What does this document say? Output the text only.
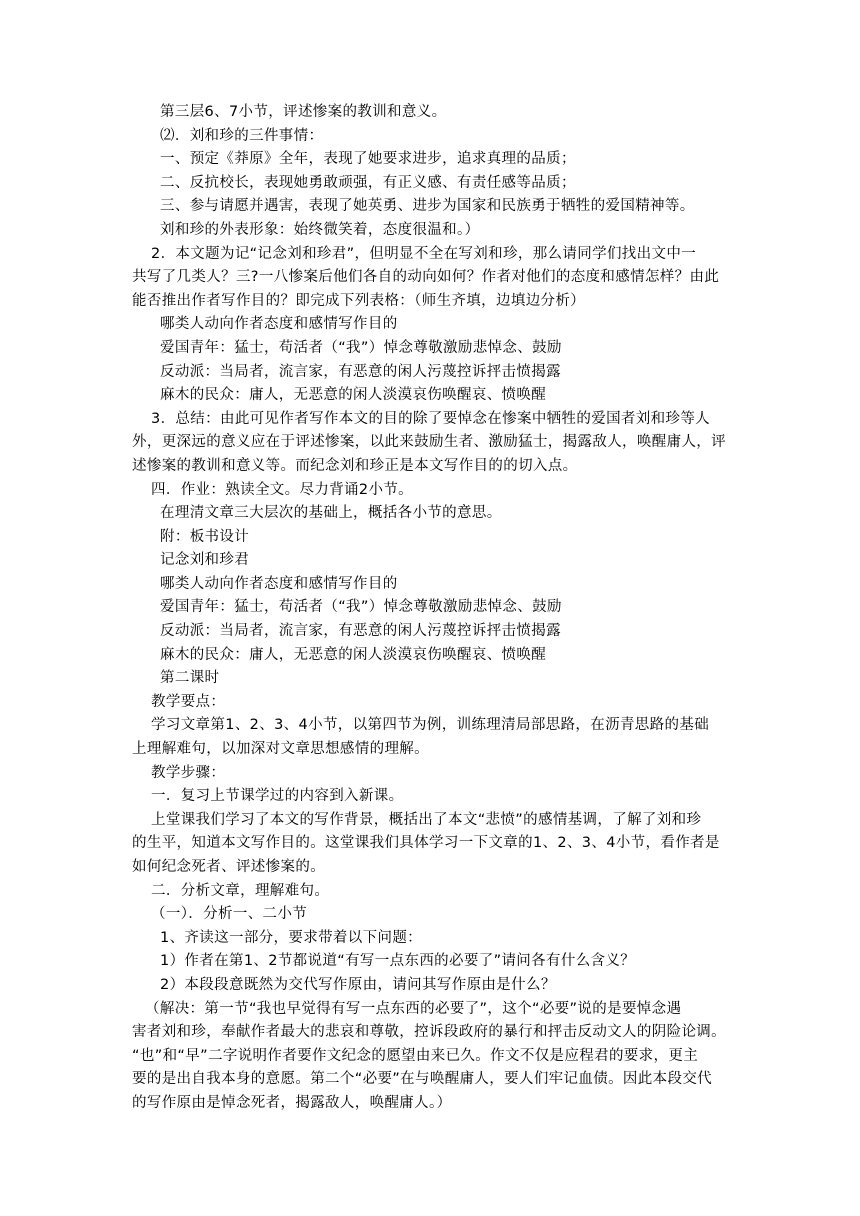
第三层6、7小节，评述惨案的教训和意义。
⑵．刘和珍的三件事情：
一、预定《莽原》全年，表现了她要求进步，追求真理的品质；
二、反抗校长，表现她勇敢顽强，有正义感、有责任感等品质；
三、参与请愿并遇害，表现了她英勇、进步为国家和民族勇于牺牲的爱国精神等。
刘和珍的外表形象：始终微笑着，态度很温和。）
2．本文题为记“记念刘和珍君”，但明显不全在写刘和珍，那么请同学们找出文中一
共写了几类人？三?一八惨案后他们各自的动向如何？作者对他们的态度和感情怎样？由此
能否推出作者写作目的？即完成下列表格：（师生齐填，边填边分析）
哪类人动向作者态度和感情写作目的
爱国青年：猛士，苟活者（“我”）悼念尊敬激励悲悼念、鼓励
反动派：当局者，流言家，有恶意的闲人污蔑控诉抨击愤揭露
麻木的民众：庸人，无恶意的闲人淡漠哀伤唤醒哀、愤唤醒
3．总结：由此可见作者写作本文的目的除了要悼念在惨案中牺牲的爱国者刘和珍等人
外，更深远的意义应在于评述惨案，以此来鼓励生者、激励猛士，揭露敌人，唤醒庸人，评
述惨案的教训和意义等。而纪念刘和珍正是本文写作目的的切入点。
四．作业：熟读全文。尽力背诵2小节。
在理清文章三大层次的基础上，概括各小节的意思。
附：板书设计
记念刘和珍君
哪类人动向作者态度和感情写作目的
爱国青年：猛士，苟活者（“我”）悼念尊敬激励悲悼念、鼓励
反动派：当局者，流言家，有恶意的闲人污蔑控诉抨击愤揭露
麻木的民众：庸人，无恶意的闲人淡漠哀伤唤醒哀、愤唤醒
第二课时
教学要点：
学习文章第1、2、3、4小节，以第四节为例，训练理清局部思路，在沥青思路的基础
上理解难句，以加深对文章思想感情的理解。
教学步骤：
一．复习上节课学过的内容到入新课。
上堂课我们学习了本文的写作背景，概括出了本文“悲愤”的感情基调，了解了刘和珍
的生平，知道本文写作目的。这堂课我们具体学习一下文章的1、2、3、4小节，看作者是
如何纪念死者、评述惨案的。
二．分析文章，理解难句。
（一）．分析一、二小节
1、齐读这一部分，要求带着以下问题：
1）作者在第1、2节都说道“有写一点东西的必要了”请问各有什么含义？
2）本段段意既然为交代写作原由，请问其写作原由是什么？
（解决：第一节“我也早觉得有写一点东西的必要了”，这个“必要”说的是要悼念遇
害者刘和珍，奉献作者最大的悲哀和尊敬，控诉段政府的暴行和抨击反动文人的阴险论调。
“也”和“早”二字说明作者要作文纪念的愿望由来已久。作文不仅是应程君的要求，更主
要的是出自我本身的意愿。第二个“必要”在与唤醒庸人，要人们牢记血债。因此本段交代
的写作原由是悼念死者，揭露敌人，唤醒庸人。）
